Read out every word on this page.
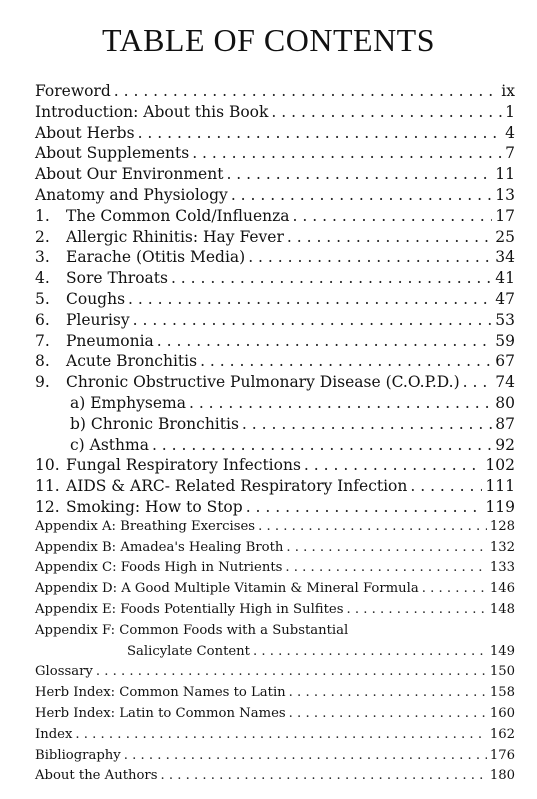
TABLE OF CONTENTS
Foreword . . .	ix
Introduction: About this Book . . .	1
About Herbs . . .	4
About Supplements . . .	7
About Our Environment . . .	11
Anatomy and Physiology . . .	13
1.	The Common Cold/Influenza . . .	17
2.	Allergic Rhinitis: Hay Fever . . .	25
3.	Earache (Otitis Media) . . .	34
4.	Sore Throats . . .	41
5.	Coughs . . .	47
6.	Pleurisy . . .	53
7.	Pneumonia . . .	59
8.	Acute Bronchitis . . .	67
9.	Chronic Obstructive Pulmonary Disease (C.O.P.D.) . . . 74
a) Emphysema . . .	80
b) Chronic Bronchitis . . .	87
c) Asthma . . .	92
10. Fungal Respiratory Infections . . .	102
11. AIDS & ARC- Related Respiratory Infection . . .	111
12. Smoking: How to Stop . . .	119
Appendix A: Breathing Exercises . . .	128
Appendix B: Amadea's Healing Broth . . .	132
Appendix C: Foods High in Nutrients . . .	133
Appendix D: A Good Multiple Vitamin & Mineral Formula . . .	146
Appendix E: Foods Potentially High in Sulfites . . .	148
Appendix F: Common Foods with a Substantial
Salicylate Content . . .	149
Glossary . . .	150
Herb Index: Common Names to Latin . . .	158
Herb Index: Latin to Common Names . . .	160
Index . . .	162
Bibliography . . .	176
About the Authors . . .	180
